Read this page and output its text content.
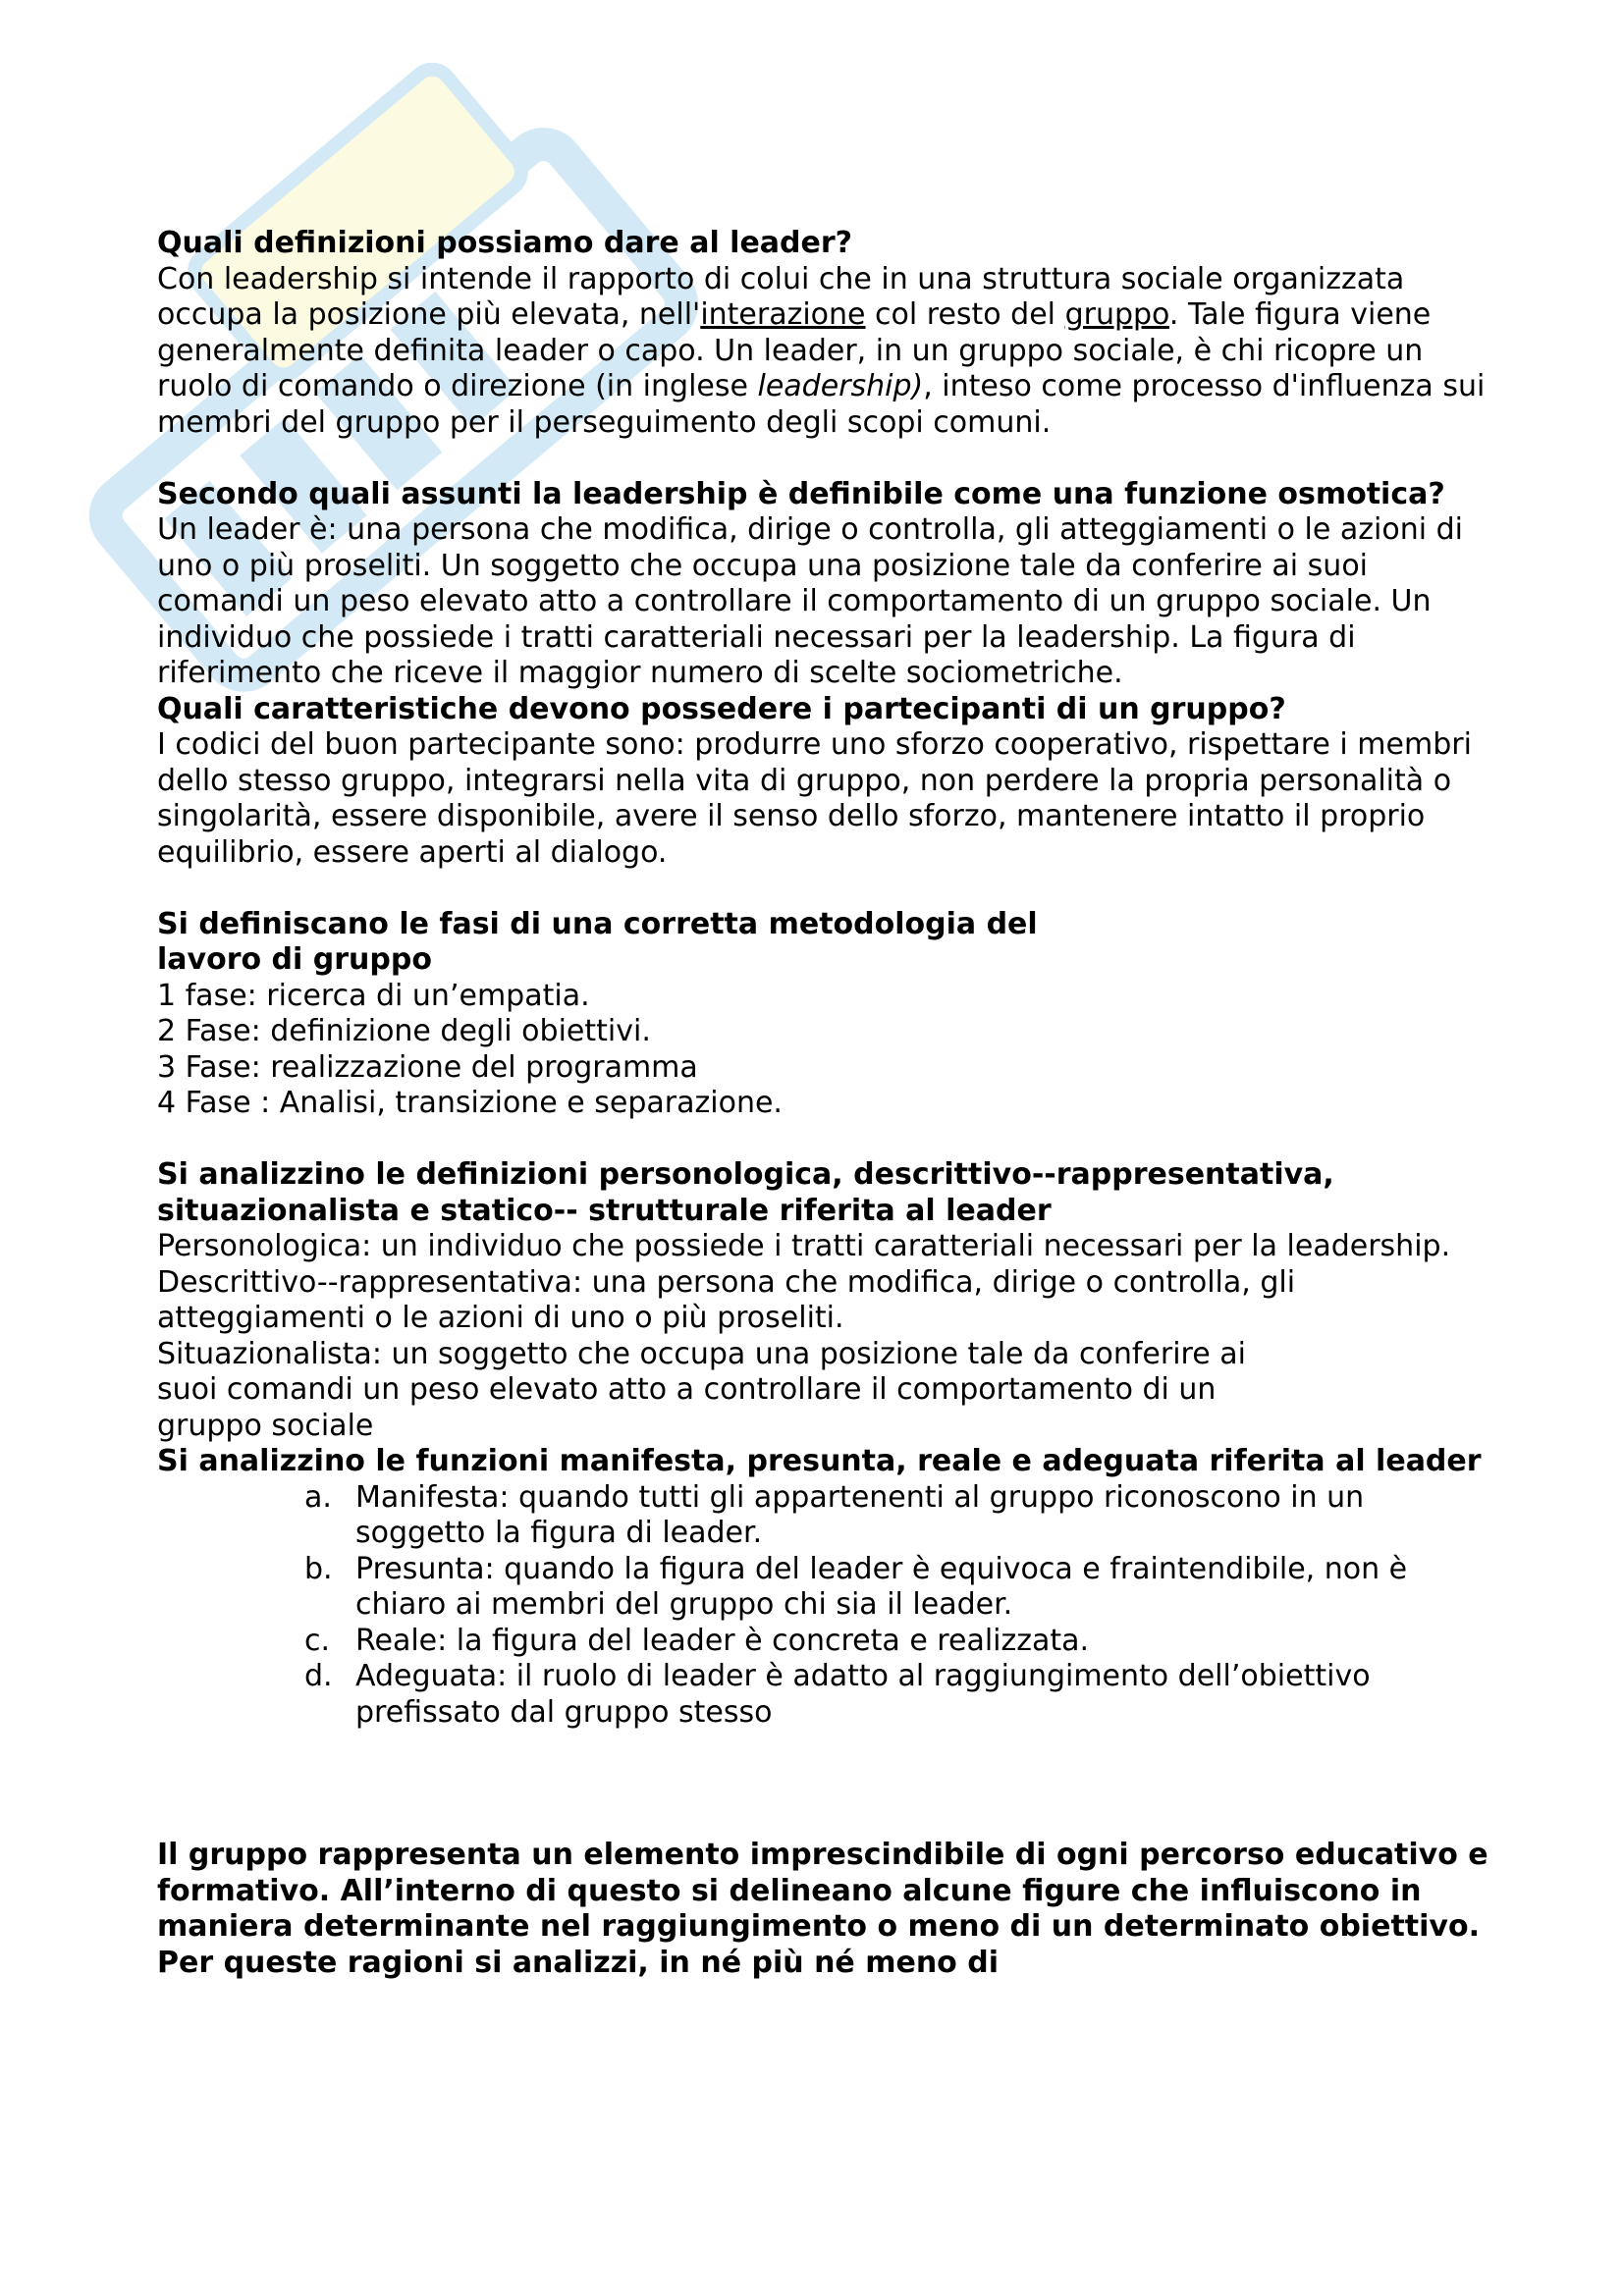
Quali definizioni possiamo dare al leader?

Con leadership si intende il rapporto di colui che in una struttura sociale organizzata occupa la posizione più elevata, nell'interazione col resto del gruppo. Tale figura viene generalmente definita leader o capo. Un leader, in un gruppo sociale, è chi ricopre un ruolo di comando o direzione (in inglese leadership), inteso come processo d'influenza sui membri del gruppo per il perseguimento degli scopi comuni.

Secondo quali assunti la leadership è definibile come una funzione osmotica?

Un leader è: una persona che modifica, dirige o controlla, gli atteggiamenti o le azioni di uno o più proseliti. Un soggetto che occupa una posizione tale da conferire ai suoi comandi un peso elevato atto a controllare il comportamento di un gruppo sociale. Un individuo che possiede i tratti caratteriali necessari per la leadership. La figura di riferimento che riceve il maggior numero di scelte sociometriche.

Quali caratteristiche devono possedere i partecipanti di un gruppo?

I codici del buon partecipante sono: produrre uno sforzo cooperativo, rispettare i membri dello stesso gruppo, integrarsi nella vita di gruppo, non perdere la propria personalità o singolarità, essere disponibile, avere il senso dello sforzo, mantenere intatto il proprio equilibrio, essere aperti al dialogo.

Si definiscano le fasi di una corretta metodologia del

lavoro di gruppo

1 fase: ricerca di un’empatia.

2 Fase: definizione degli obiettivi.

3 Fase: realizzazione del programma

4 Fase : Analisi, transizione e separazione.

Si analizzino le definizioni personologica, descrittivo--rappresentativa,

situazionalista e statico-- strutturale riferita al leader

Personologica: un individuo che possiede i tratti caratteriali necessari per la leadership.

Descrittivo--rappresentativa: una persona che modifica, dirige o controlla, gli atteggiamenti o le azioni di uno o più proseliti.

Situazionalista: un soggetto che occupa una posizione tale da conferire ai suoi comandi un peso elevato atto a controllare il comportamento di un gruppo sociale

Si analizzino le funzioni manifesta, presunta, reale e adeguata riferita al leader

a. Manifesta: quando tutti gli appartenenti al gruppo riconoscono in un soggetto la figura di leader.
b. Presunta: quando la figura del leader è equivoca e fraintendibile, non è chiaro ai membri del gruppo chi sia il leader.
c. Reale: la figura del leader è concreta e realizzata.
d. Adeguata: il ruolo di leader è adatto al raggiungimento dell’obiettivo prefissato dal gruppo stesso

Il gruppo rappresenta un elemento imprescindibile di ogni percorso educativo e formativo. All’interno di questo si delineano alcune figure che influiscono in maniera determinante nel raggiungimento o meno di un determinato obiettivo. Per queste ragioni si analizzi, in né più né meno di
